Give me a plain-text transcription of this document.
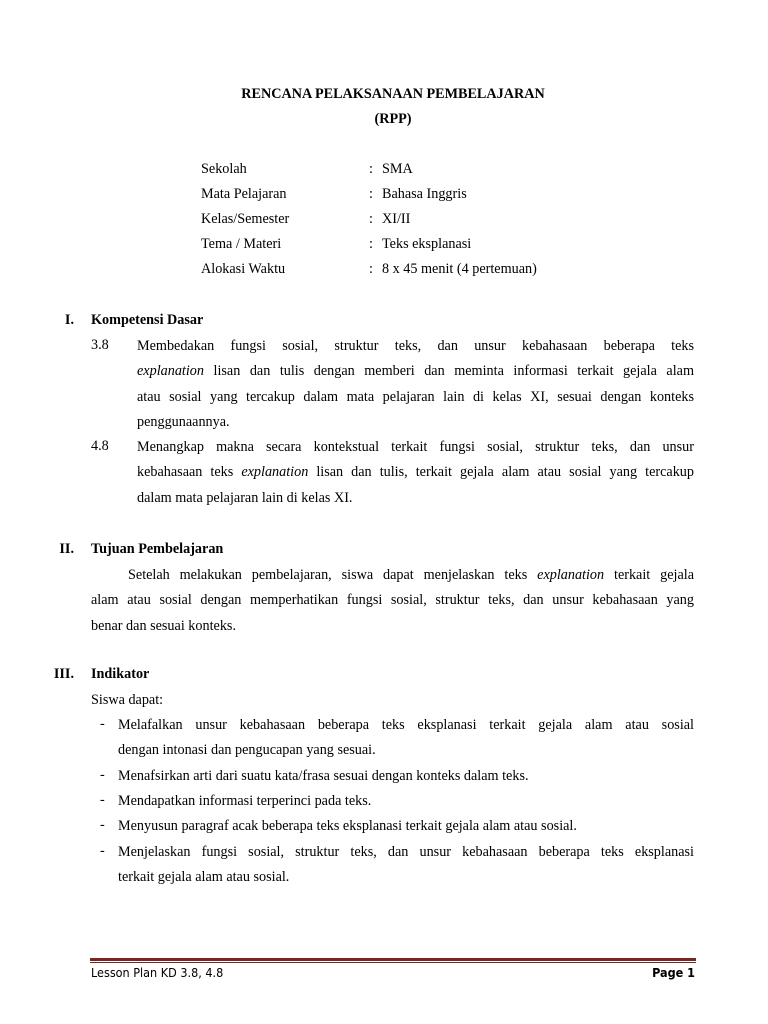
RENCANA PELAKSANAAN PEMBELAJARAN
(RPP)
Sekolah	: SMA
Mata Pelajaran	: Bahasa Inggris
Kelas/Semester	: XI/II
Tema / Materi	: Teks eksplanasi
Alokasi Waktu	: 8 x 45 menit (4 pertemuan)
I. Kompetensi Dasar
3.8 Membedakan fungsi sosial, struktur teks, dan unsur kebahasaan beberapa teks
explanation lisan dan tulis dengan memberi dan meminta informasi terkait gejala alam
atau sosial yang tercakup dalam mata pelajaran lain di kelas XI, sesuai dengan konteks
penggunaannya.
4.8 Menangkap makna secara kontekstual terkait fungsi sosial, struktur teks, dan unsur
kebahasaan teks explanation lisan dan tulis, terkait gejala alam atau sosial yang tercakup
dalam mata pelajaran lain di kelas XI.
II. Tujuan Pembelajaran
Setelah melakukan pembelajaran, siswa dapat menjelaskan teks explanation terkait gejala
alam atau sosial dengan memperhatikan fungsi sosial, struktur teks, dan unsur kebahasaan yang
benar dan sesuai konteks.
III. Indikator
Siswa dapat:
- Melafalkan unsur kebahasaan beberapa teks eksplanasi terkait gejala alam atau sosial
dengan intonasi dan pengucapan yang sesuai.
- Menafsirkan arti dari suatu kata/frasa sesuai dengan konteks dalam teks.
- Mendapatkan informasi terperinci pada teks.
- Menyusun paragraf acak beberapa teks eksplanasi terkait gejala alam atau sosial.
- Menjelaskan fungsi sosial, struktur teks, dan unsur kebahasaan beberapa teks eksplanasi
terkait gejala alam atau sosial.
Lesson Plan KD 3.8, 4.8	Page 1
